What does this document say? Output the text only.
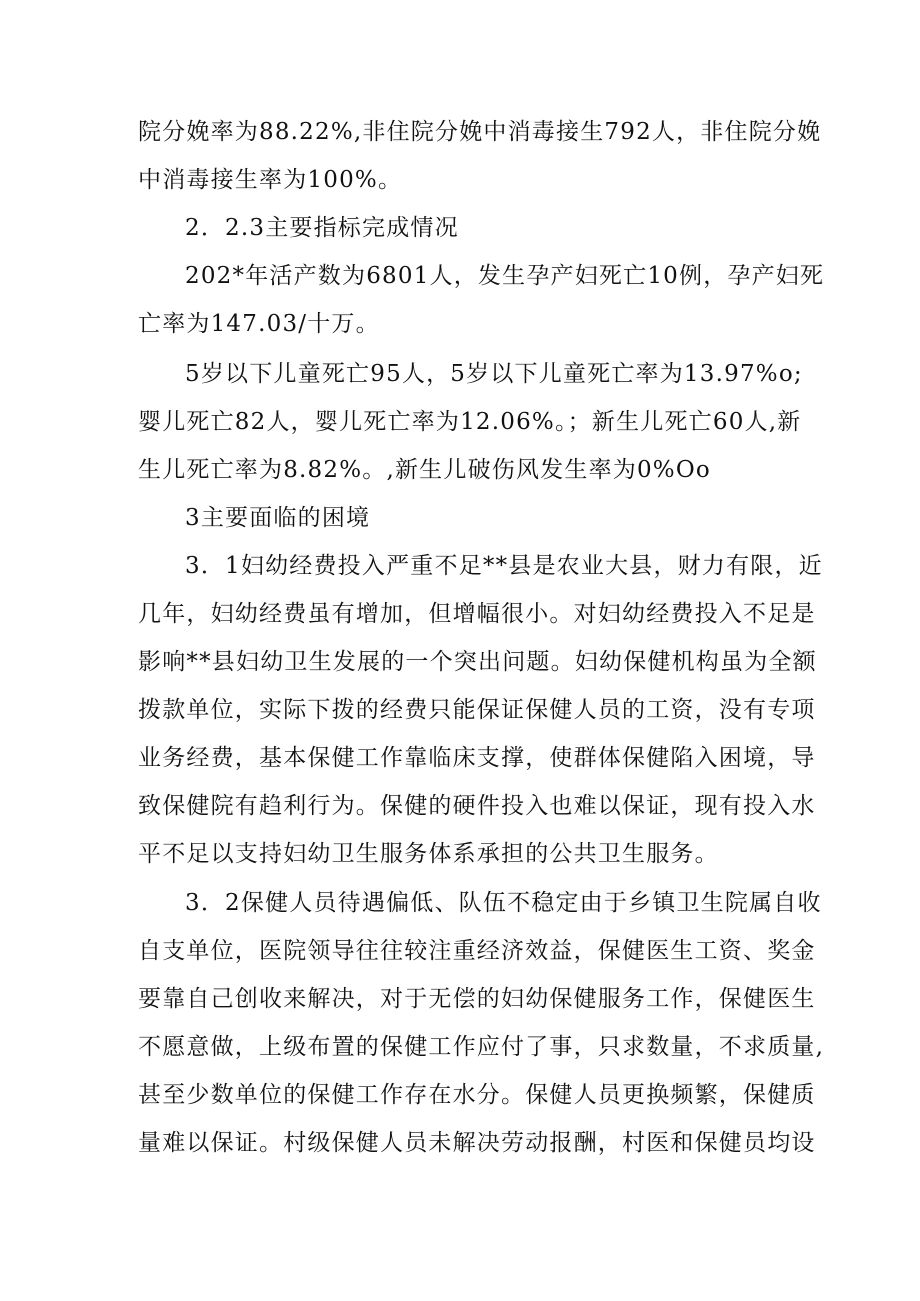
院分娩率为88.22%,非住院分娩中消毒接生792人，非住院分娩
中消毒接生率为100%。
2．2.3主要指标完成情况
202*年活产数为6801人，发生孕产妇死亡10例，孕产妇死
亡率为147.03/十万。
5岁以下儿童死亡95人，5岁以下儿童死亡率为13.97%o;
婴儿死亡82人，婴儿死亡率为12.06%。；新生儿死亡60人,新
生儿死亡率为8.82%。,新生儿破伤风发生率为0%Oo
3主要面临的困境
3．1妇幼经费投入严重不足**县是农业大县，财力有限，近
几年，妇幼经费虽有增加，但增幅很小。对妇幼经费投入不足是
影响**县妇幼卫生发展的一个突出问题。妇幼保健机构虽为全额
拨款单位，实际下拨的经费只能保证保健人员的工资，没有专项
业务经费，基本保健工作靠临床支撑，使群体保健陷入困境，导
致保健院有趋利行为。保健的硬件投入也难以保证，现有投入水
平不足以支持妇幼卫生服务体系承担的公共卫生服务。
3．2保健人员待遇偏低、队伍不稳定由于乡镇卫生院属自收
自支单位，医院领导往往较注重经济效益，保健医生工资、奖金
要靠自己创收来解决，对于无偿的妇幼保健服务工作，保健医生
不愿意做，上级布置的保健工作应付了事，只求数量，不求质量,
甚至少数单位的保健工作存在水分。保健人员更换频繁，保健质
量难以保证。村级保健人员未解决劳动报酬，村医和保健员均设
